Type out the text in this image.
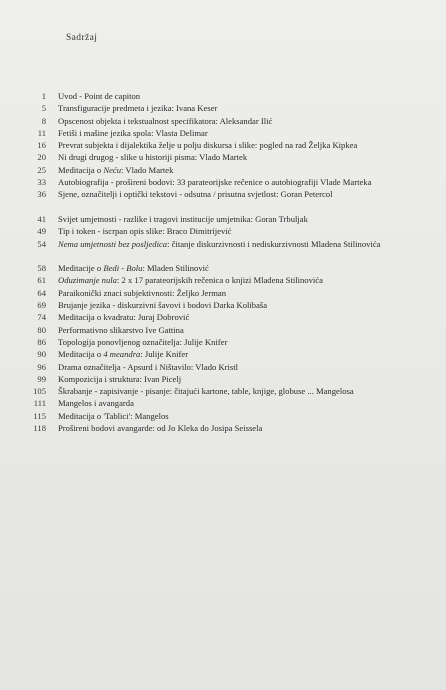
Sadržaj
1 Uvod - Point de capiton
5 Transfiguracije predmeta i jezika: Ivana Keser
8 Opscenost objekta i tekstualnost specifikatora: Aleksandar Ilić
11 Fetiši i mašine jezika spola: Vlasta Delimar
16 Prevrat subjekta i dijalektika želje u polju diskursa i slike: pogled na rad Željka Kipkea
20 Ni drugi drugog - slike u historiji pisma: Vlado Martek
25 Meditacija o Neću: Vlado Martek
33 Autobiografija - prošireni bodovi: 33 parateorijske rečenice o autobiografiji Vlade Marteka
36 Sjene, označitelji i optički tekstovi - odsutna / prisutna svjetlost: Goran Petercol
41 Svijet umjetnosti - razlike i tragovi institucije umjetnika: Goran Trbuljak
49 Tip i token - iscrpan opis slike: Braco Dimitrijević
54 Nema umjetnosti bez posljedica: čitanje diskurzivnosti i nediskurzivnosti Mladena Stilinovića
58 Meditacije o Bedi - Bolu: Mladen Stilinović
61 Oduzimanje nula: 2 x 17 parateorijskih rečenica o knjizi Mladena Stilinovića
64 Paraikonički znaci subjektivnosti: Željko Jerman
69 Brujanje jezika - diskurzivni šavovi i bodovi Darka Kolibaša
74 Meditacija o kvadratu: Juraj Dobrović
80 Performativno slikarstvo Ive Gattina
86 Topologija ponovljenog označitelja: Julije Knifer
90 Meditacija o 4 meandra: Julije Knifer
96 Drama označitelja - Apsurd i Ništavilo: Vlado Kristl
99 Kompozicija i struktura: Ivan Picelj
105 Škrabanje - zapisivanje - pisanje: čitajući kartone, table, knjige, globuse ... Mangelosa
111 Mangelos i avangarda
115 Meditacija o 'Tablici': Mangelos
118 Prošireni bodovi avangarde: od Jo Kleka do Josipa Seissela
